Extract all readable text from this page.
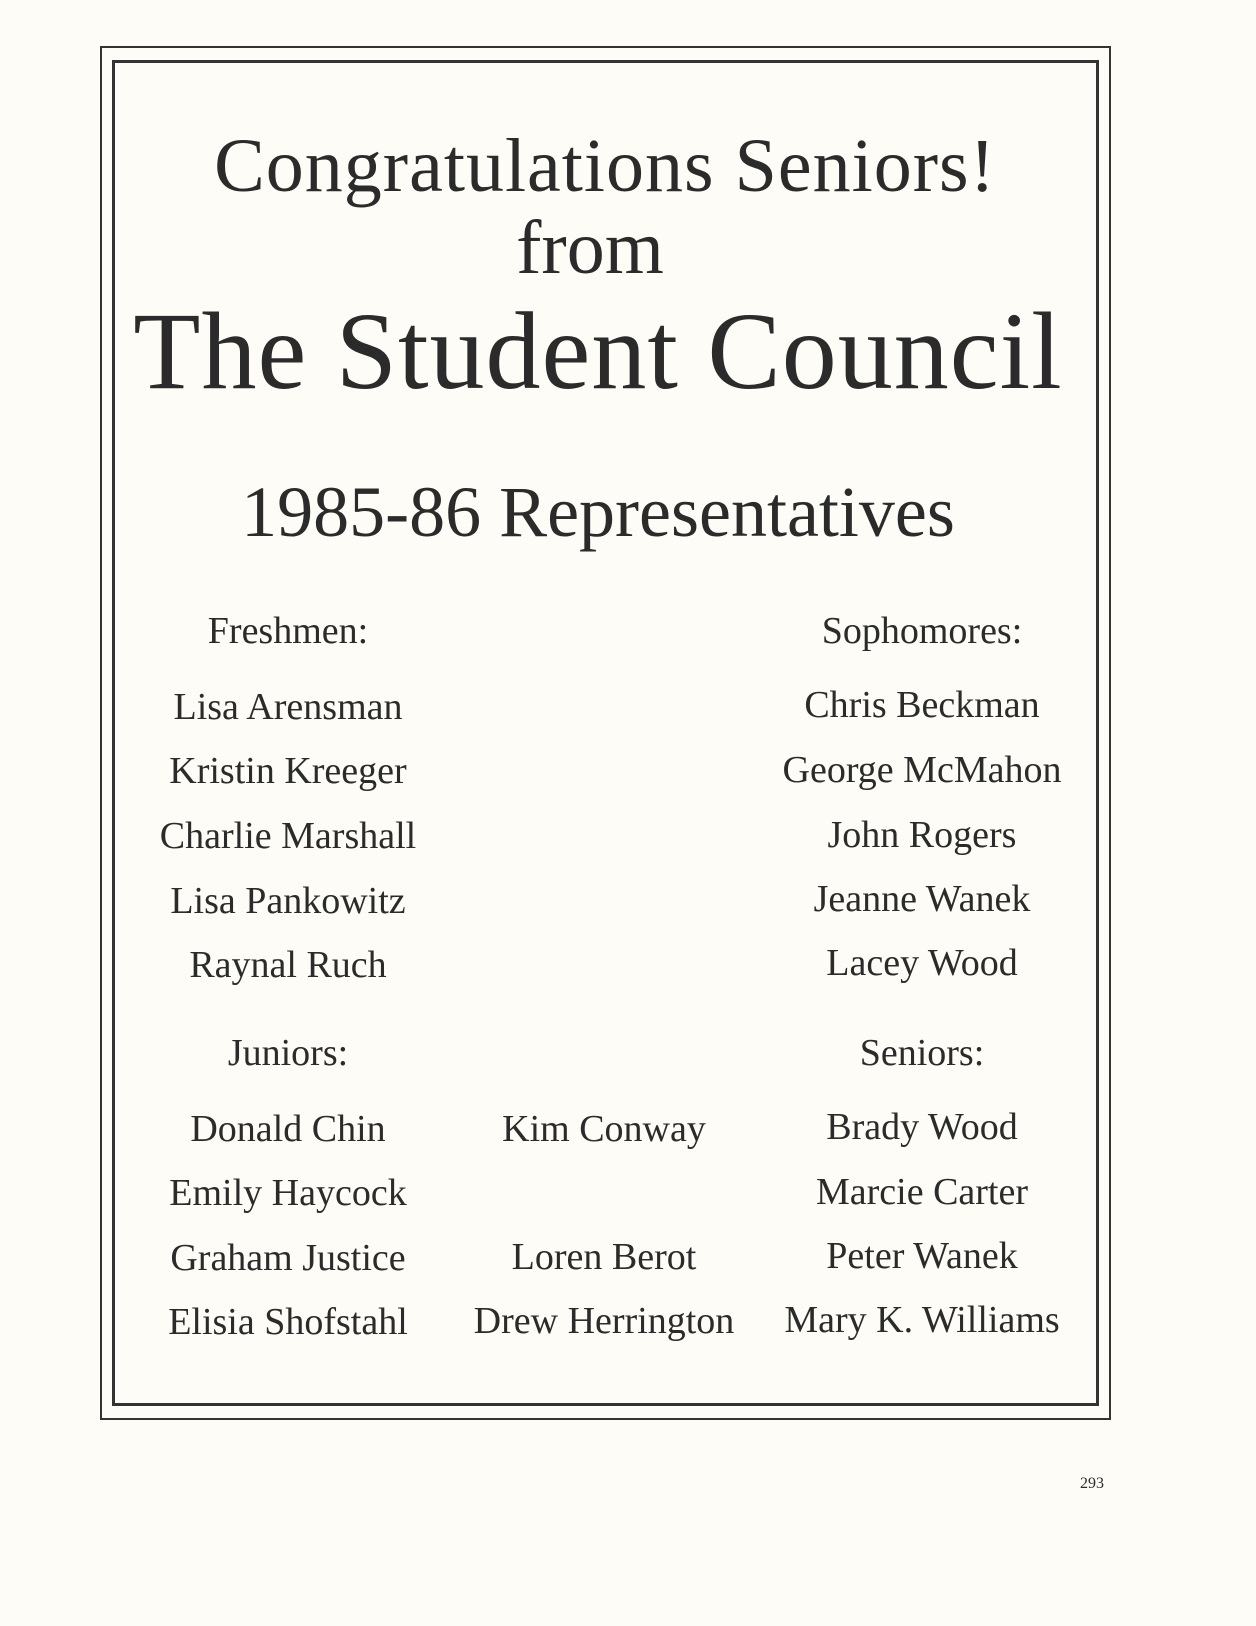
Congratulations Seniors!
from
The Student Council
1985-86 Representatives
Freshmen:
Lisa Arensman
Kristin Kreeger
Charlie Marshall
Lisa Pankowitz
Raynal Ruch
Sophomores:
Chris Beckman
George McMahon
John Rogers
Jeanne Wanek
Lacey Wood
Juniors:
Donald Chin
Emily Haycock
Graham Justice
Elisia Shofstahl
Kim Conway
Loren Berot
Drew Herrington
Seniors:
Brady Wood
Marcie Carter
Peter Wanek
Mary K. Williams
293
